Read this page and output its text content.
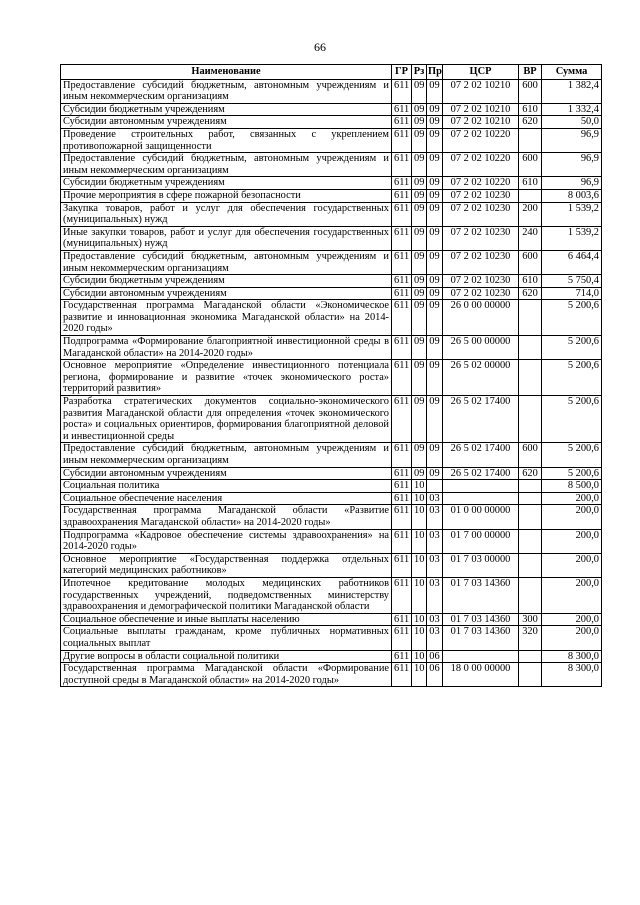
66
Наименование	ГР	Рз	Пр	ЦСР	ВР	Сумма
Предоставление субсидий бюджетным, автономным учреждениям и иным некоммерческим организациям	611	09	09	07 2 02 10210	600	1 382,4
Субсидии бюджетным учреждениям	611	09	09	07 2 02 10210	610	1 332,4
Субсидии автономным учреждениям	611	09	09	07 2 02 10210	620	50,0
Проведение строительных работ, связанных с укреплением противопожарной защищенности	611	09	09	07 2 02 10220		96,9
Предоставление субсидий бюджетным, автономным учреждениям и иным некоммерческим организациям	611	09	09	07 2 02 10220	600	96,9
Субсидии бюджетным учреждениям	611	09	09	07 2 02 10220	610	96,9
Прочие мероприятия в сфере пожарной безопасности	611	09	09	07 2 02 10230		8 003,6
Закупка товаров, работ и услуг для обеспечения государственных (муниципальных) нужд	611	09	09	07 2 02 10230	200	1 539,2
Иные закупки товаров, работ и услуг для обеспечения государственных (муниципальных) нужд	611	09	09	07 2 02 10230	240	1 539,2
Предоставление субсидий бюджетным, автономным учреждениям и иным некоммерческим организациям	611	09	09	07 2 02 10230	600	6 464,4
Субсидии бюджетным учреждениям	611	09	09	07 2 02 10230	610	5 750,4
Субсидии автономным учреждениям	611	09	09	07 2 02 10230	620	714,0
Государственная программа Магаданской области «Экономическое развитие и инновационная экономика Магаданской области» на 2014-2020 годы»	611	09	09	26 0 00 00000		5 200,6
Подпрограмма «Формирование благоприятной инвестиционной среды в Магаданской области» на 2014-2020 годы»	611	09	09	26 5 00 00000		5 200,6
Основное мероприятие «Определение инвестиционного потенциала региона, формирование и развитие «точек экономического роста» территорий развития»	611	09	09	26 5 02 00000		5 200,6
Разработка стратегических документов социально-экономического развития Магаданской области для определения «точек экономического роста» и социальных ориентиров, формирования благоприятной деловой и инвестиционной среды	611	09	09	26 5 02 17400		5 200,6
Предоставление субсидий бюджетным, автономным учреждениям и иным некоммерческим организациям	611	09	09	26 5 02 17400	600	5 200,6
Субсидии автономным учреждениям	611	09	09	26 5 02 17400	620	5 200,6
Социальная политика	611	10				8 500,0
Социальное обеспечение населения	611	10	03			200,0
Государственная программа Магаданской области «Развитие здравоохранения Магаданской области» на 2014-2020 годы»	611	10	03	01 0 00 00000		200,0
Подпрограмма «Кадровое обеспечение системы здравоохранения» на 2014-2020 годы»	611	10	03	01 7 00 00000		200,0
Основное мероприятие «Государственная поддержка отдельных категорий медицинских работников»	611	10	03	01 7 03 00000		200,0
Ипотечное кредитование молодых медицинских работников государственных учреждений, подведомственных министерству здравоохранения и демографической политики Магаданской области	611	10	03	01 7 03 14360		200,0
Социальное обеспечение и иные выплаты населению	611	10	03	01 7 03 14360	300	200,0
Социальные выплаты гражданам, кроме публичных нормативных социальных выплат	611	10	03	01 7 03 14360	320	200,0
Другие вопросы в области социальной политики	611	10	06			8 300,0
Государственная программа Магаданской области «Формирование доступной среды в Магаданской области» на 2014-2020 годы»	611	10	06	18 0 00 00000		8 300,0
